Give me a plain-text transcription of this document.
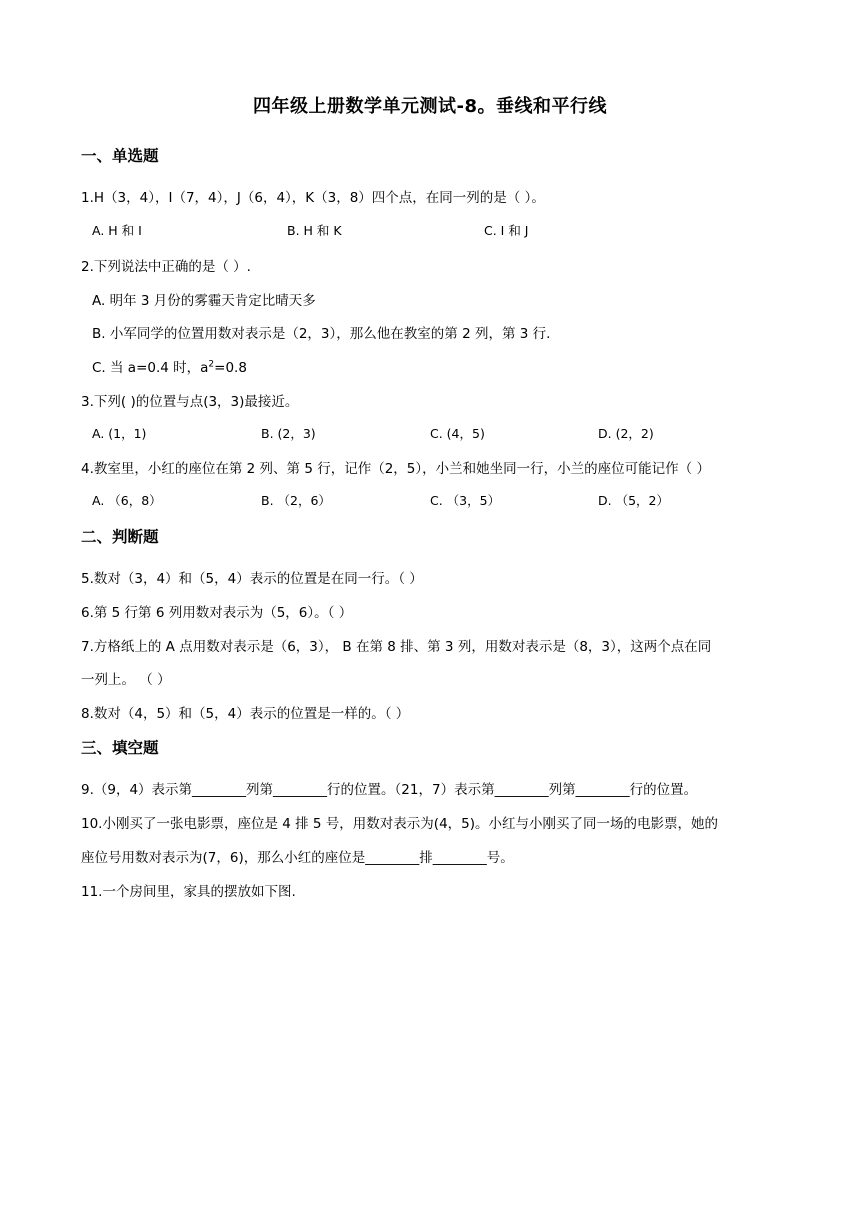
四年级上册数学单元测试-8。垂线和平行线
一、单选题
1.H（3，4），I（7，4），J（6，4），K（3，8）四个点，在同一列的是（ ）。
A. H 和 I	B. H 和 K	C. I 和 J
2.下列说法中正确的是（ ）.
A. 明年 3 月份的雾霾天肯定比晴天多
B. 小军同学的位置用数对表示是（2，3），那么他在教室的第 2 列，第 3 行.
C. 当 a=0.4 时，$a^2=0.8$
3.下列( )的位置与点(3，3)最接近。
A. (1，1)	B. (2，3)	C. (4，5)	D. (2，2)
4.教室里，小红的座位在第 2 列、第 5 行，记作（2，5），小兰和她坐同一行，小兰的座位可能记作（ ）
A. （6，8）	B. （2，6）	C. （3，5）	D. （5，2）
二、判断题
5.数对（3，4）和（5，4）表示的位置是在同一行。（ ）
6.第 5 行第 6 列用数对表示为（5，6）。（ ）
7.方格纸上的 A 点用数对表示是（6，3）， B 在第 8 排、第 3 列，用数对表示是（8，3），这两个点在同
一列上。 （ ）
8.数对（4，5）和（5，4）表示的位置是一样的。（ ）
三、填空题
9.（9，4）表示第________列第________行的位置。（21，7）表示第________列第________行的位置。
10.小刚买了一张电影票，座位是 4 排 5 号，用数对表示为(4，5)。小红与小刚买了同一场的电影票，她的
座位号用数对表示为(7，6)，那么小红的座位是________排________号。
11.一个房间里，家具的摆放如下图.
